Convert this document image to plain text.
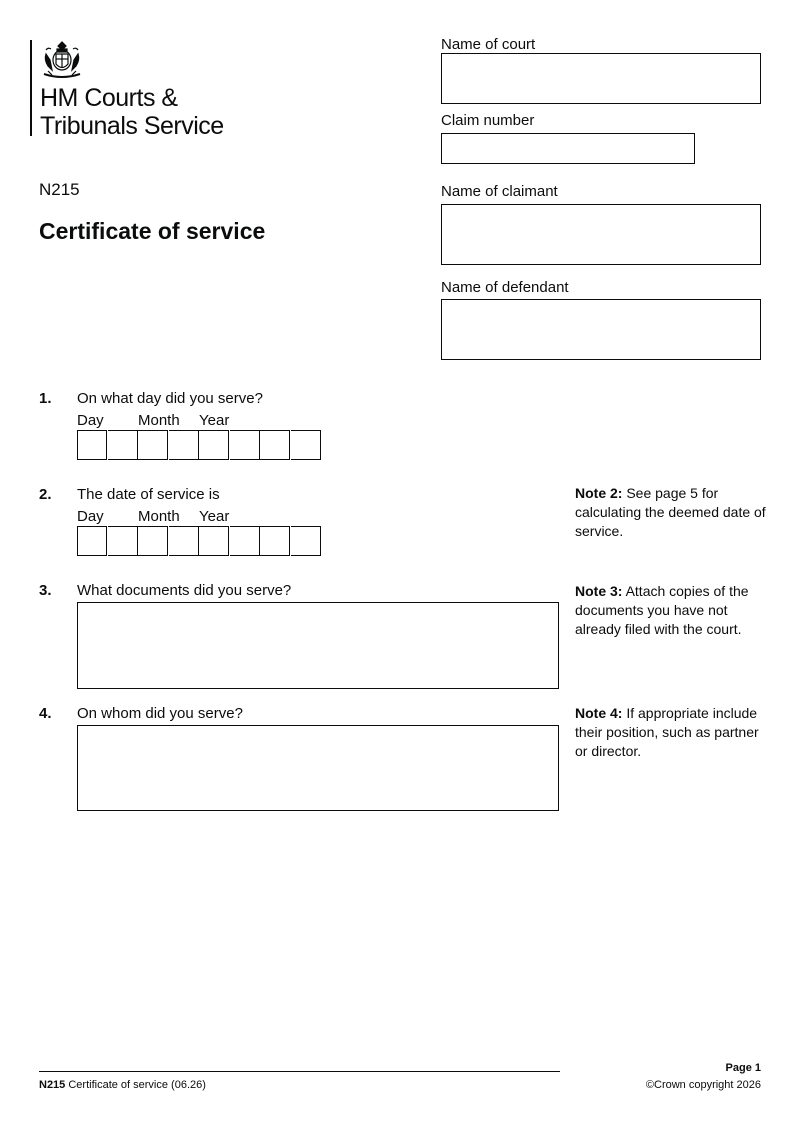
HM Courts &
Tribunals Service
N215
Certificate of service
Name of court
Claim number
Name of claimant
Name of defendant
1. On what day did you serve?
Day Month Year
2. The date of service is
Day Month Year
3. What documents did you serve?
4. On whom did you serve?
Note 2: See page 5 for calculating the deemed date of service.
Note 3: Attach copies of the documents you have not already filed with the court.
Note 4: If appropriate include their position, such as partner or director.
N215 Certificate of service (06.26)
Page 1
©Crown copyright 2026
